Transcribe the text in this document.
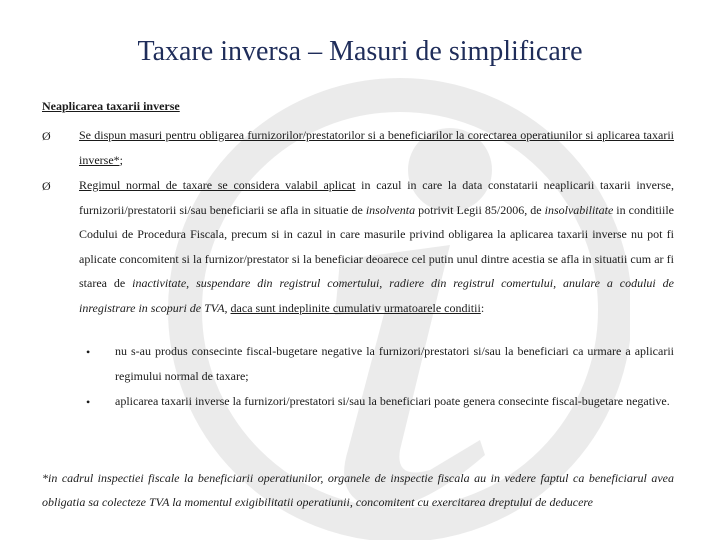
Taxare inversa – Masuri de simplificare
Neaplicarea taxarii inverse
Ø Se dispun masuri pentru obligarea furnizorilor/prestatorilor si a beneficiarilor la corectarea operatiunilor si aplicarea taxarii inverse*;
Ø Regimul normal de taxare se considera valabil aplicat in cazul in care la data constatarii neaplicarii taxarii inverse, furnizorii/prestatorii si/sau beneficiarii se afla in situatie de insolventa potrivit Legii 85/2006, de insolvabilitate in conditiile Codului de Procedura Fiscala, precum si in cazul in care masurile privind obligarea la aplicarea taxarii inverse nu pot fi aplicate concomitent si la furnizor/prestator si la beneficiar deoarece cel putin unul dintre acestia se afla in situatii cum ar fi starea de inactivitate, suspendare din registrul comertului, radiere din registrul comertului, anulare a codului de inregistrare in scopuri de TVA, daca sunt indeplinite cumulativ urmatoarele conditii:
• nu s-au produs consecinte fiscal-bugetare negative la furnizori/prestatori si/sau la beneficiari ca urmare a aplicarii regimului normal de taxare;
• aplicarea taxarii inverse la furnizori/prestatori si/sau la beneficiari poate genera consecinte fiscal-bugetare negative.
*in cadrul inspectiei fiscale la beneficiarii operatiunilor, organele de inspectie fiscala au in vedere faptul ca beneficiarul avea obligatia sa colecteze TVA la momentul exigibilitatii operatiunii, concomitent cu exercitarea dreptului de deducere
